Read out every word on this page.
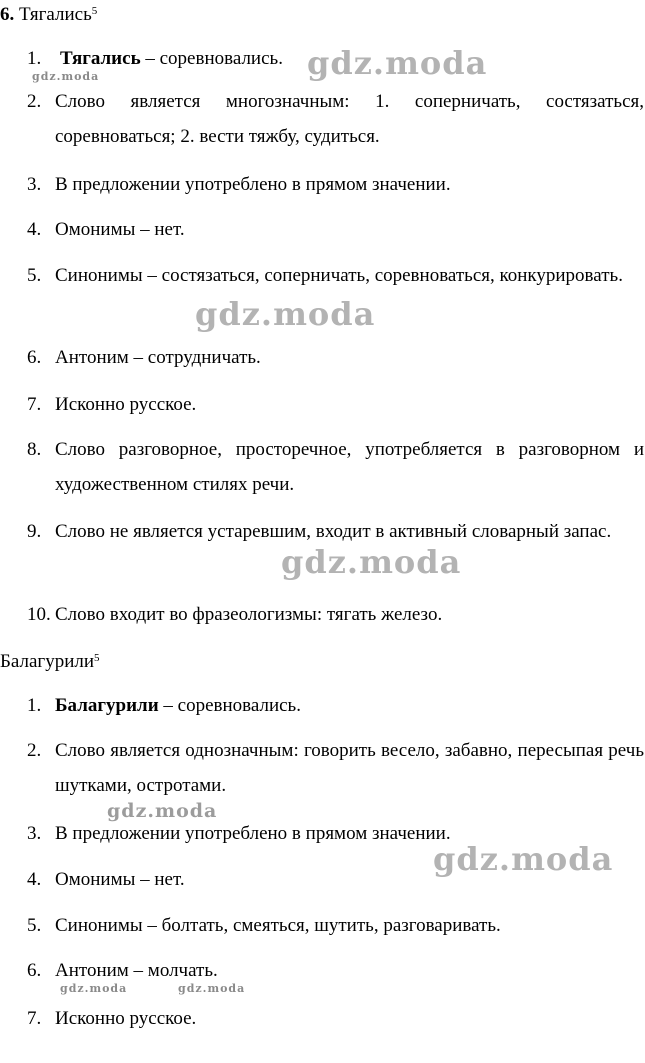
6. Тягались$^5$
1. Тягались – соревновались.
2. Слово является многозначным: 1. соперничать, состязаться, соревноваться; 2. вести тяжбу, судиться.
3. В предложении употреблено в прямом значении.
4. Омонимы – нет.
5. Синонимы – состязаться, соперничать, соревноваться, конкурировать.
6. Антоним – сотрудничать.
7. Исконно русское.
8. Слово разговорное, просторечное, употребляется в разговорном и художественном стилях речи.
9. Слово не является устаревшим, входит в активный словарный запас.
10. Слово входит во фразеологизмы: тягать железо.
Балагурили$^5$
1. Балагурили – соревновались.
2. Слово является однозначным: говорить весело, забавно, пересыпая речь шутками, остротами.
3. В предложении употреблено в прямом значении.
4. Омонимы – нет.
5. Синонимы – болтать, смеяться, шутить, разговаривать.
6. Антоним – молчать.
7. Исконно русское.
gdz.moda
gdz.moda
gdz.moda
gdz.moda
gdz.moda
gdz.moda
gdz.moda	gdz.moda
